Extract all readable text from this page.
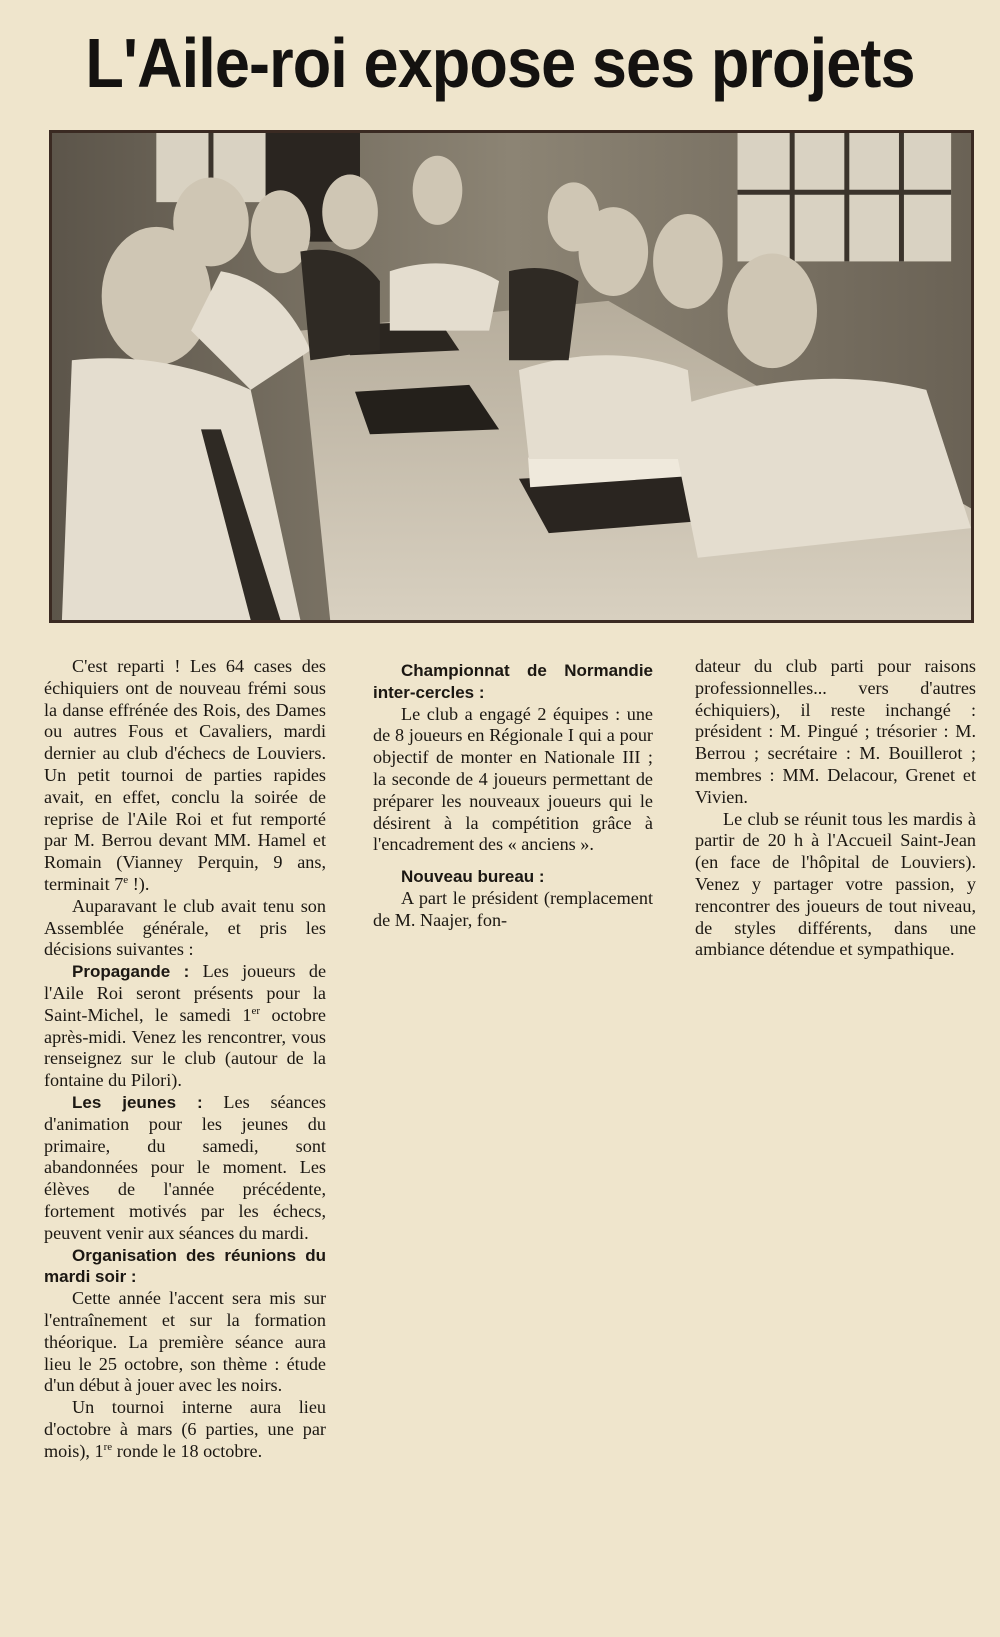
L'Aile-roi expose ses projets

C'est reparti ! Les 64 cases des échiquiers ont de nouveau frémi sous la danse effrénée des Rois, des Dames ou autres Fous et Cavaliers, mardi dernier au club d'échecs de Louviers. Un petit tournoi de parties rapides avait, en effet, conclu la soirée de reprise de l'Aile Roi et fut remporté par M. Berrou devant MM. Hamel et Romain (Vianney Perquin, 9 ans, terminait 7e !).

Auparavant le club avait tenu son Assemblée générale, et pris les décisions suivantes :

Propagande : Les joueurs de l'Aile Roi seront présents pour la Saint-Michel, le samedi 1er octobre après-midi. Venez les rencontrer, vous renseignez sur le club (autour de la fontaine du Pilori).

Les jeunes : Les séances d'animation pour les jeunes du primaire, du samedi, sont abandonnées pour le moment. Les élèves de l'année précédente, fortement motivés par les échecs, peuvent venir aux séances du mardi.

Organisation des réunions du mardi soir :

Cette année l'accent sera mis sur l'entraînement et sur la formation théorique. La première séance aura lieu le 25 octobre, son thème : étude d'un début à jouer avec les noirs.

Un tournoi interne aura lieu d'octobre à mars (6 parties, une par mois), 1re ronde le 18 octobre.

Championnat de Normandie inter-cercles :

Le club a engagé 2 équipes : une de 8 joueurs en Régionale I qui a pour objectif de monter en Nationale III ; la seconde de 4 joueurs permettant de préparer les nouveaux joueurs qui le désirent à la compétition grâce à l'encadrement des « anciens ».

Nouveau bureau :

A part le président (remplacement de M. Naajer, fon-

dateur du club parti pour raisons professionnelles... vers d'autres échiquiers), il reste inchangé : président : M. Pingué ; trésorier : M. Berrou ; secrétaire : M. Bouillerot ; membres : MM. Delacour, Grenet et Vivien.

Le club se réunit tous les mardis à partir de 20 h à l'Accueil Saint-Jean (en face de l'hôpital de Louviers). Venez y partager votre passion, y rencontrer des joueurs de tout niveau, de styles différents, dans une ambiance détendue et sympathique.
